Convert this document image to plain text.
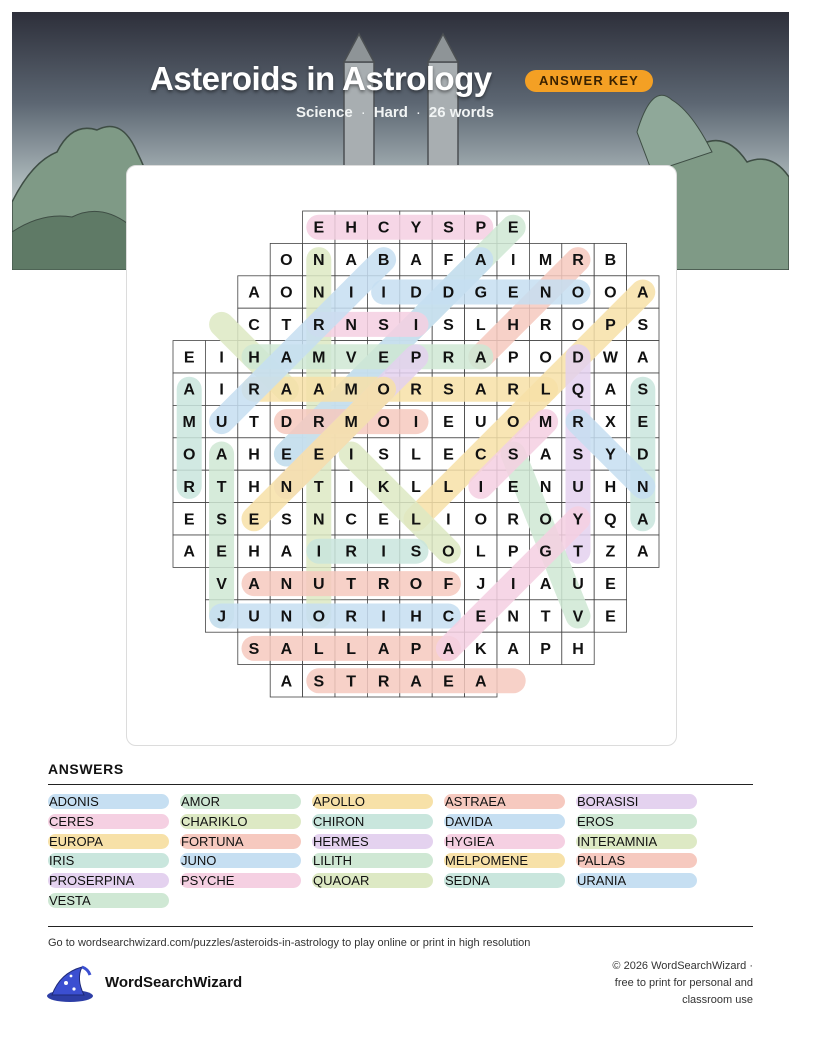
Asteroids in Astrology	ANSWER KEY
Science · Hard · 26 words
E H C Y S P E
O N A B A F A I M R B
A O N I I D D G E N O O A
C T R N S I S L H R O P S
E I H A M V E P R A P O D W A
A I R A A M O R S A R L Q A S
M U T D R M O I E U O M R X E
O A H E E I S L E C S A S Y D
R T H N T I K L L I E N U H N
E S E S N C E L I O R O Y Q A
A E H A I R I S O L P G T Z A
V A N U T R O F J I A U E
J U N O R I H C E N T V E
S A L L A P A K A P H
A S T R A E A
ANSWERS
ADONIS	AMOR	APOLLO	ASTRAEA	BORASISI
CERES	CHARIKLO	CHIRON	DAVIDA	EROS
EUROPA	FORTUNA	HERMES	HYGIEA	INTERAMNIA
IRIS	JUNO	LILITH	MELPOMENE	PALLAS
PROSERPINA	PSYCHE	QUAOAR	SEDNA	URANIA
VESTA
Go to wordsearchwizard.com/puzzles/asteroids-in-astrology to play online or print in high resolution
WordSearchWizard
© 2026 WordSearchWizard ·
free to print for personal and
classroom use
